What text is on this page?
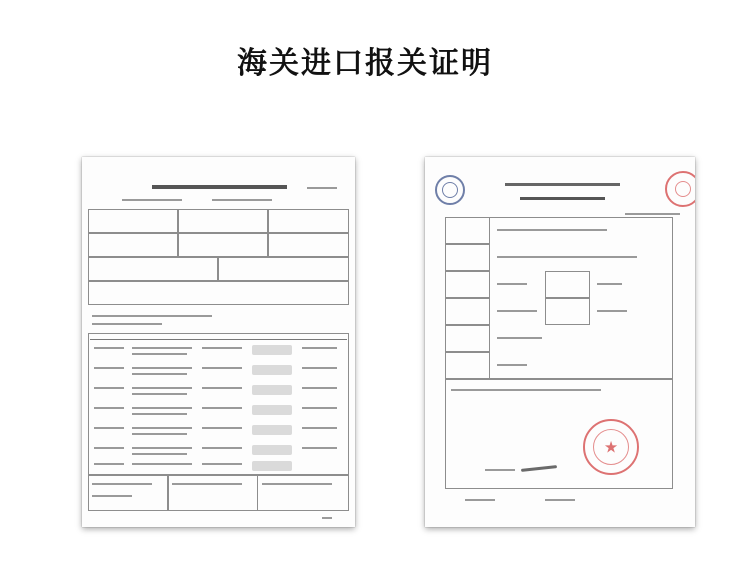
海关进口报关证明
★
